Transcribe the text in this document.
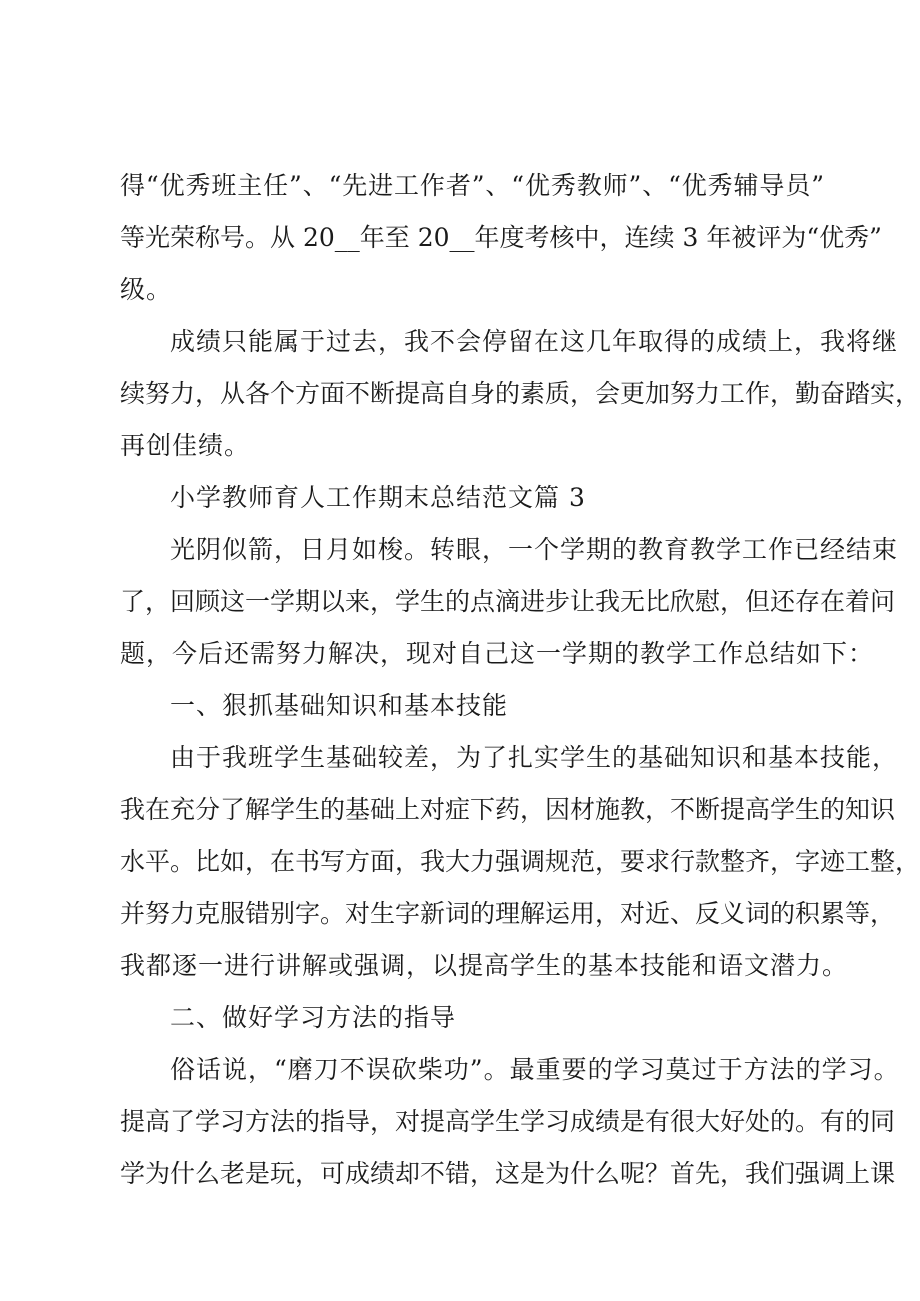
得“优秀班主任”、“先进工作者”、“优秀教师”、“优秀辅导员”
等光荣称号。从 20__年至 20__年度考核中，连续 3 年被评为“优秀”
级。
成绩只能属于过去，我不会停留在这几年取得的成绩上，我将继
续努力，从各个方面不断提高自身的素质，会更加努力工作，勤奋踏实，
再创佳绩。
小学教师育人工作期末总结范文篇 3
光阴似箭，日月如梭。转眼，一个学期的教育教学工作已经结束
了，回顾这一学期以来，学生的点滴进步让我无比欣慰，但还存在着问
题，今后还需努力解决，现对自己这一学期的教学工作总结如下：
一、狠抓基础知识和基本技能
由于我班学生基础较差，为了扎实学生的基础知识和基本技能，
我在充分了解学生的基础上对症下药，因材施教，不断提高学生的知识
水平。比如，在书写方面，我大力强调规范，要求行款整齐，字迹工整，
并努力克服错别字。对生字新词的理解运用，对近、反义词的积累等，
我都逐一进行讲解或强调，以提高学生的基本技能和语文潜力。
二、做好学习方法的指导
俗话说，“磨刀不误砍柴功”。最重要的学习莫过于方法的学习。
提高了学习方法的指导，对提高学生学习成绩是有很大好处的。有的同
学为什么老是玩，可成绩却不错，这是为什么呢？首先，我们强调上课
